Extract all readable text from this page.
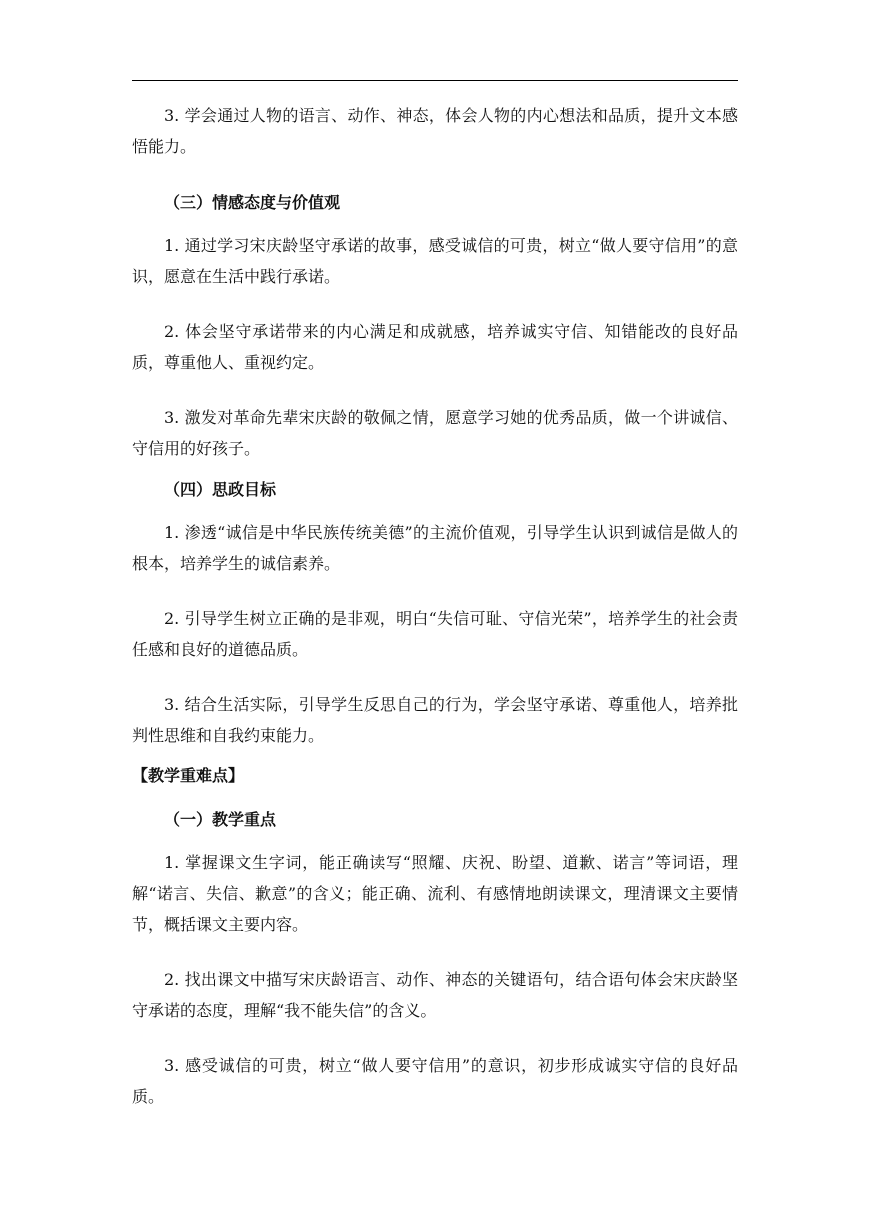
3. 学会通过人物的语言、动作、神态，体会人物的内心想法和品质，提升文本感悟能力。

（三）情感态度与价值观

1. 通过学习宋庆龄坚守承诺的故事，感受诚信的可贵，树立“做人要守信用”的意识，愿意在生活中践行承诺。

2. 体会坚守承诺带来的内心满足和成就感，培养诚实守信、知错能改的良好品质，尊重他人、重视约定。

3. 激发对革命先辈宋庆龄的敬佩之情，愿意学习她的优秀品质，做一个讲诚信、守信用的好孩子。

（四）思政目标

1. 渗透“诚信是中华民族传统美德”的主流价值观，引导学生认识到诚信是做人的根本，培养学生的诚信素养。

2. 引导学生树立正确的是非观，明白“失信可耻、守信光荣”，培养学生的社会责任感和良好的道德品质。

3. 结合生活实际，引导学生反思自己的行为，学会坚守承诺、尊重他人，培养批判性思维和自我约束能力。

【教学重难点】

（一）教学重点

1. 掌握课文生字词，能正确读写“照耀、庆祝、盼望、道歉、诺言”等词语，理解“诺言、失信、歉意”的含义；能正确、流利、有感情地朗读课文，理清课文主要情节，概括课文主要内容。

2. 找出课文中描写宋庆龄语言、动作、神态的关键语句，结合语句体会宋庆龄坚守承诺的态度，理解“我不能失信”的含义。

3. 感受诚信的可贵，树立“做人要守信用”的意识，初步形成诚实守信的良好品质。
